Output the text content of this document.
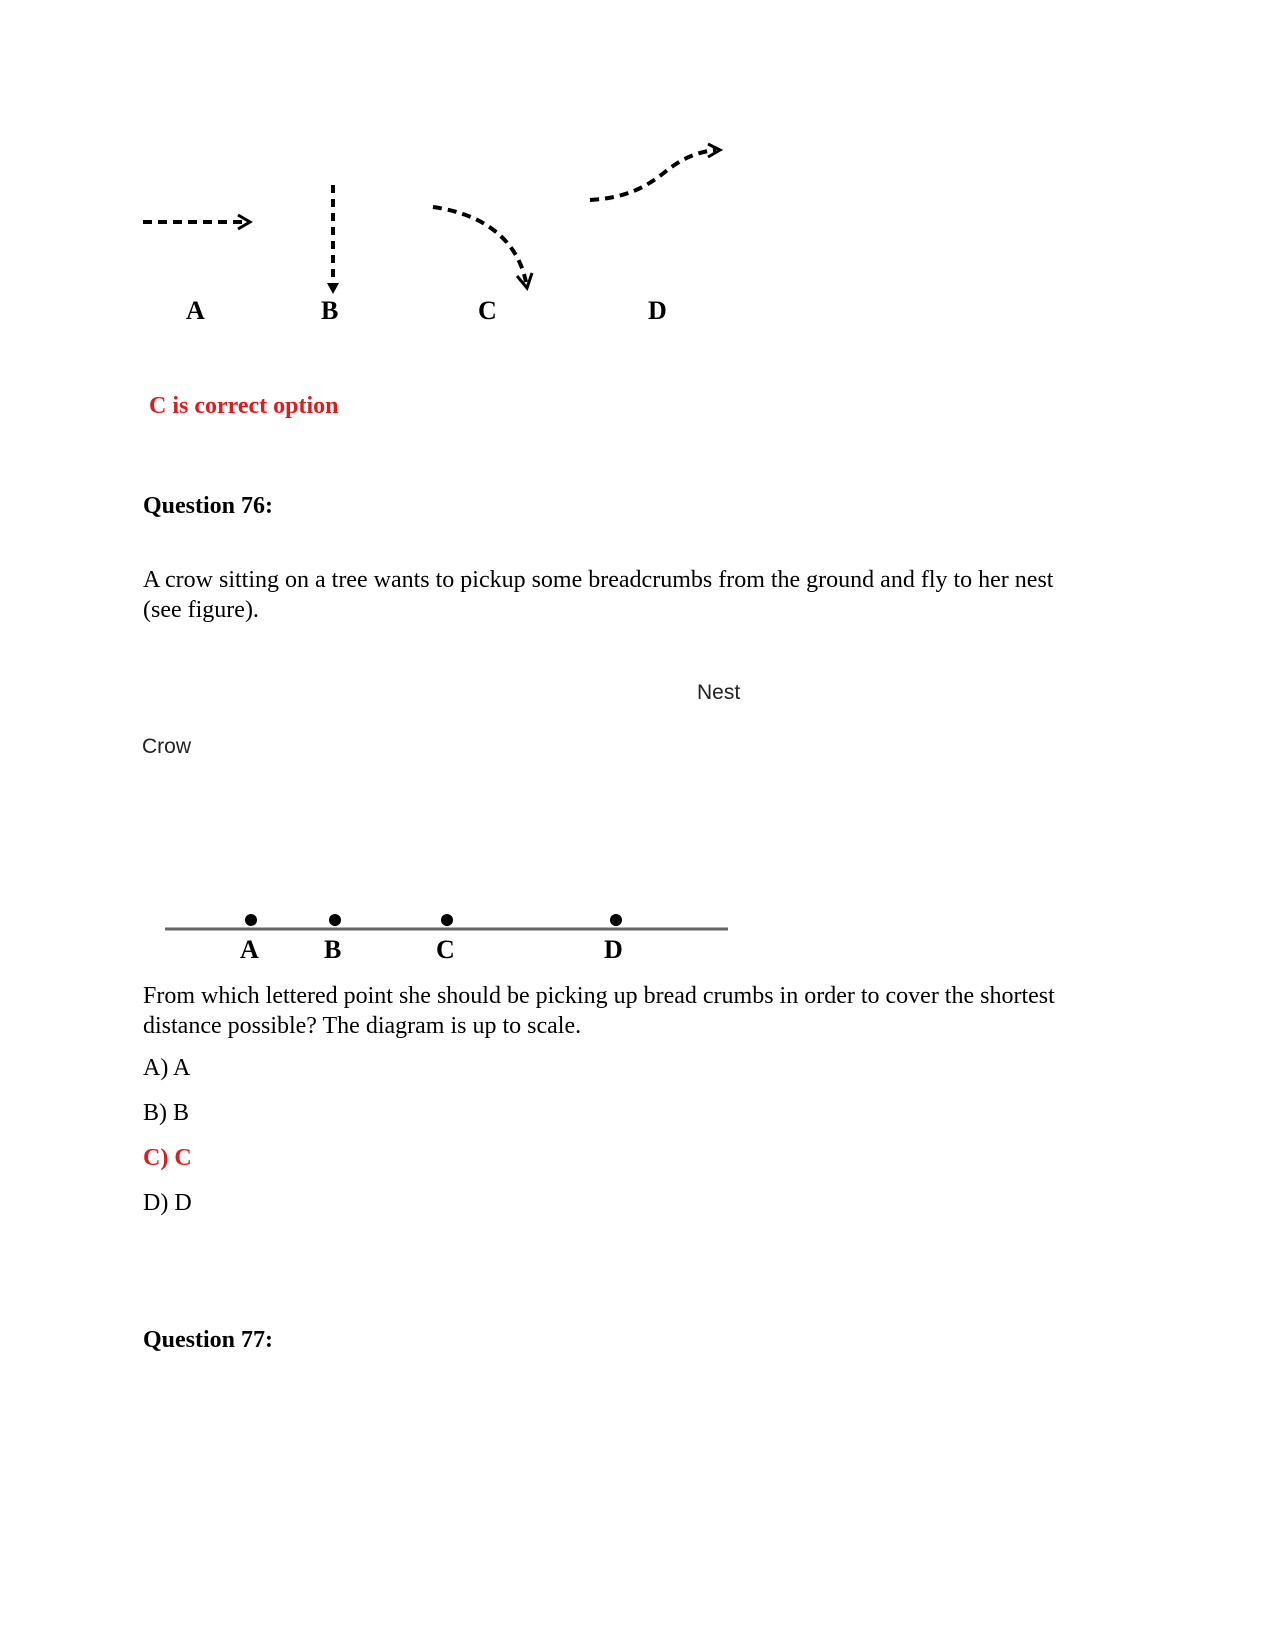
A	B	C	D
C is correct option
Question 76:
A crow sitting on a tree wants to pickup some breadcrumbs from the ground and fly to her nest
(see figure).
Nest
Crow
A	B	C	D
From which lettered point she should be picking up bread crumbs in order to cover the shortest
distance possible? The diagram is up to scale.
A) A
B) B
C) C
D) D
Question 77:
